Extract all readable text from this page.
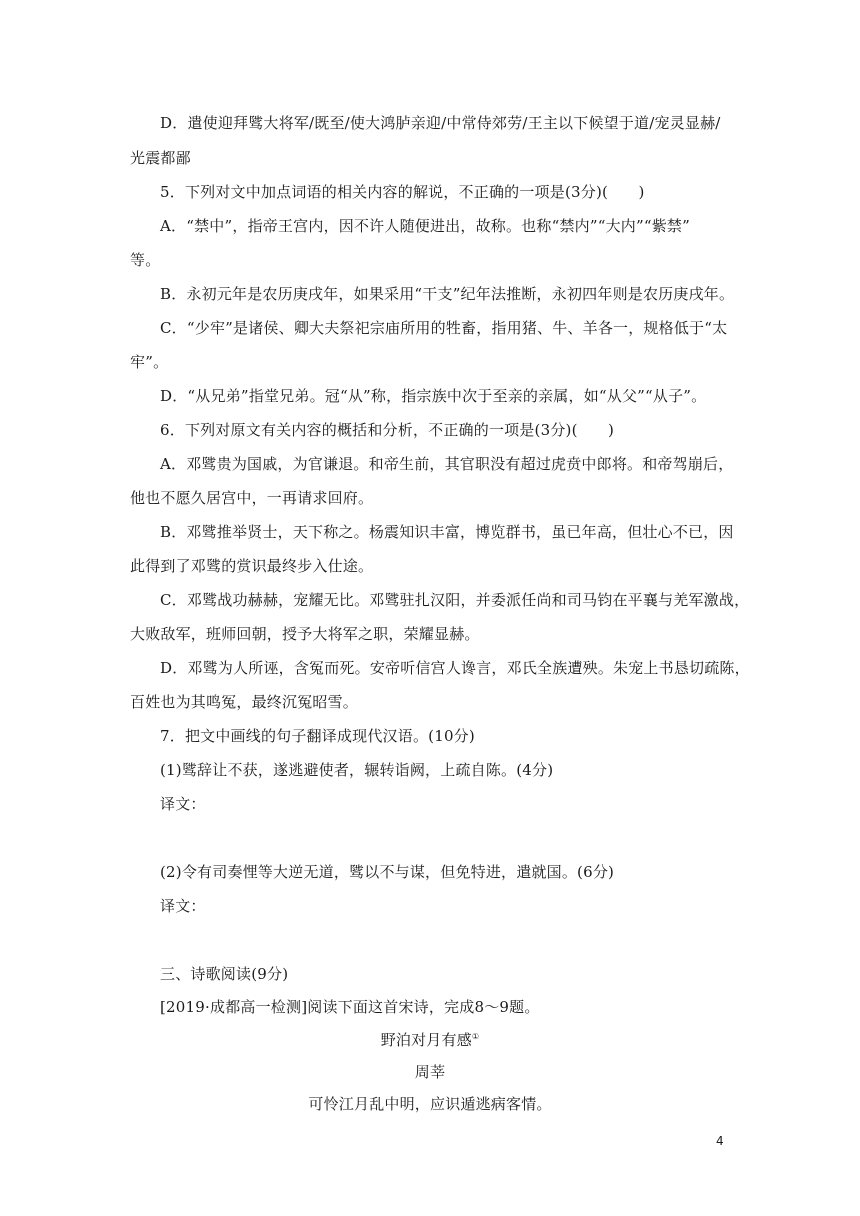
D．遣使迎拜骘大将军/既至/使大鸿胪亲迎/中常侍郊劳/王主以下候望于道/宠灵显赫/
光震都鄙
5．下列对文中加点词语的相关内容的解说，不正确的一项是(3分)(　　)
A．“禁中”，指帝王宫内，因不许人随便进出，故称。也称“禁内”“大内”“紫禁”
等。
B．永初元年是农历庚戌年，如果采用“干支”纪年法推断，永初四年则是农历庚戌年。
C．“少牢”是诸侯、卿大夫祭祀宗庙所用的牲畜，指用猪、牛、羊各一，规格低于“太
牢”。
D．“从兄弟”指堂兄弟。冠“从”称，指宗族中次于至亲的亲属，如“从父”“从子”。
6．下列对原文有关内容的概括和分析，不正确的一项是(3分)(　　)
A．邓骘贵为国戚，为官谦退。和帝生前，其官职没有超过虎贲中郎将。和帝驾崩后，
他也不愿久居宫中，一再请求回府。
B．邓骘推举贤士，天下称之。杨震知识丰富，博览群书，虽已年高，但壮心不已，因
此得到了邓骘的赏识最终步入仕途。
C．邓骘战功赫赫，宠耀无比。邓骘驻扎汉阳，并委派任尚和司马钧在平襄与羌军激战，
大败敌军，班师回朝，授予大将军之职，荣耀显赫。
D．邓骘为人所诬，含冤而死。安帝听信宫人谗言，邓氏全族遭殃。朱宠上书恳切疏陈，
百姓也为其鸣冤，最终沉冤昭雪。
7．把文中画线的句子翻译成现代汉语。(10分)
(1)骘辞让不获，遂逃避使者，辗转诣阙，上疏自陈。(4分)
译文：
(2)令有司奏悝等大逆无道，骘以不与谋，但免特进，遣就国。(6分)
译文：
三、诗歌阅读(9分)
[2019·成都高一检测]阅读下面这首宋诗，完成8～9题。
野泊对月有感①
周莘
可怜江月乱中明，应识遁逃病客情。
4
